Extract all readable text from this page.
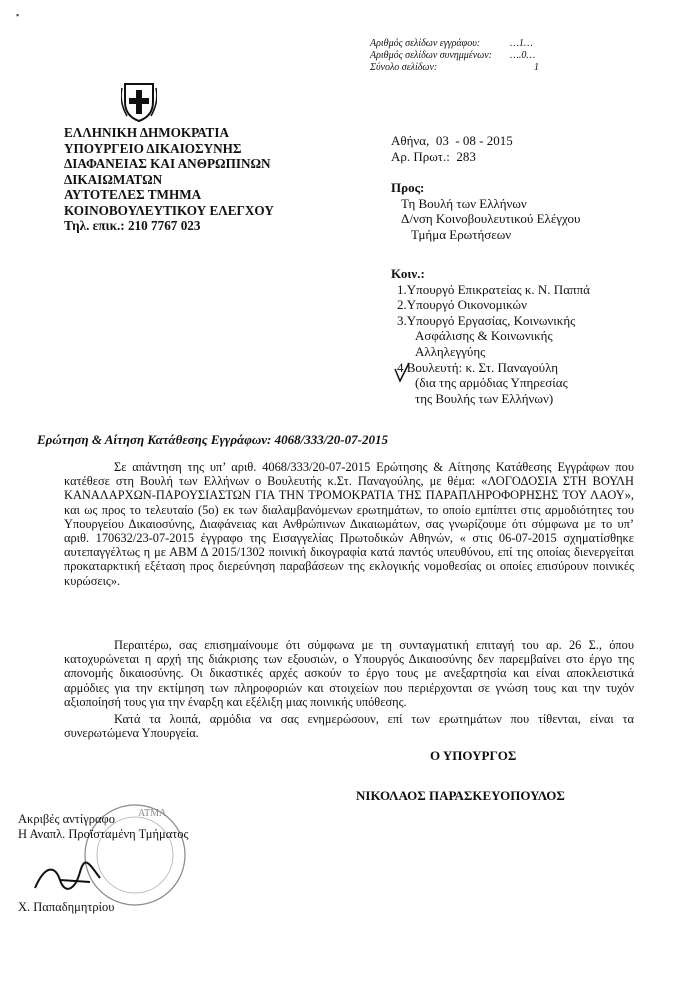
▪
Αριθμός σελίδων εγγράφου:	…1…
Αριθμός σελίδων συνημμένων:	….0…
Σύνολο σελίδων:	1
ΕΛΛΗΝΙΚΗ ΔΗΜΟΚΡΑΤΙΑ
ΥΠΟΥΡΓΕΙΟ ΔΙΚΑΙΟΣΥΝΗΣ
ΔΙΑΦΑΝΕΙΑΣ ΚΑΙ ΑΝΘΡΩΠΙΝΩΝ
ΔΙΚΑΙΩΜΑΤΩΝ
ΑΥΤΟΤΕΛΕΣ ΤΜΗΜΑ
ΚΟΙΝΟΒΟΥΛΕΥΤΙΚΟΥ ΕΛΕΓΧΟΥ
Τηλ. επικ.: 210 7767 023
Αθήνα,  03  - 08 - 2015
Αρ. Πρωτ.:  283
Προς:
Τη Βουλή των Ελλήνων
Δ/νση Κοινοβουλευτικού Ελέγχου
Τμήμα Ερωτήσεων
Κοιν.:
1.Υπουργό Επικρατείας κ. Ν. Παππά
2.Υπουργό Οικονομικών
3.Υπουργό Εργασίας, Κοινωνικής
Ασφάλισης & Κοινωνικής
Αλληλεγγύης
4.Βουλευτή: κ. Στ. Παναγούλη
(δια της αρμόδιας Υπηρεσίας
της Βουλής των Ελλήνων)
Ερώτηση & Αίτηση Κατάθεσης Εγγράφων: 4068/333/20-07-2015
Σε απάντηση της υπ’ αριθ. 4068/333/20-07-2015 Ερώτησης & Αίτησης Κατάθεσης Εγγράφων που κατέθεσε στη Βουλή των Ελλήνων ο Βουλευτής κ.Στ. Παναγούλης, με θέμα: «ΛΟΓΟΔΟΣΙΑ ΣΤΗ ΒΟΥΛΗ ΚΑΝΑΛΑΡΧΩΝ-ΠΑΡΟΥΣΙΑΣΤΩΝ ΓΙΑ ΤΗΝ ΤΡΟΜΟΚΡΑΤΙΑ ΤΗΣ ΠΑΡΑΠΛΗΡΟΦΟΡΗΣΗΣ ΤΟΥ ΛΑΟΥ», και ως προς το τελευταίο (5ο) εκ των διαλαμβανόμενων ερωτημάτων, το οποίο εμπίπτει στις αρμοδιότητες του Υπουργείου Δικαιοσύνης, Διαφάνειας και Ανθρώπινων Δικαιωμάτων, σας γνωρίζουμε ότι σύμφωνα με το υπ’ αριθ. 170632/23-07-2015 έγγραφο της Εισαγγελίας Πρωτοδικών Αθηνών, « στις 06-07-2015 σχηματίσθηκε αυτεπαγγέλτως η με ΑΒΜ Δ 2015/1302 ποινική δικογραφία κατά παντός υπευθύνου, επί της οποίας διενεργείται προκαταρκτική εξέταση προς διερεύνηση παραβάσεων της εκλογικής νομοθεσίας οι οποίες επισύρουν ποινικές κυρώσεις».
Περαιτέρω, σας επισημαίνουμε ότι σύμφωνα με τη συνταγματική επιταγή του αρ. 26 Σ., όπου κατοχυρώνεται η αρχή της διάκρισης των εξουσιών, ο Υπουργός Δικαιοσύνης δεν παρεμβαίνει στο έργο της απονομής δικαιοσύνης. Οι δικαστικές αρχές ασκούν το έργο τους με ανεξαρτησία και είναι αποκλειστικά αρμόδιες για την εκτίμηση των πληροφοριών και στοιχείων που περιέρχονται σε γνώση τους και την τυχόν αξιοποίησή τους για την έναρξη και εξέλιξη μιας ποινικής υπόθεσης.
Κατά τα λοιπά, αρμόδια να σας ενημερώσουν, επί των ερωτημάτων που τίθενται, είναι τα συνερωτώμενα Υπουργεία.
Ο ΥΠΟΥΡΓΟΣ
ΝΙΚΟΛΑΟΣ ΠΑΡΑΣΚΕΥΟΠΟΥΛΟΣ
ΑΤΜΑ
Ακριβές αντίγραφο
Η Αναπλ. Προϊσταμένη Τμήματος
Χ. Παπαδημητρίου
